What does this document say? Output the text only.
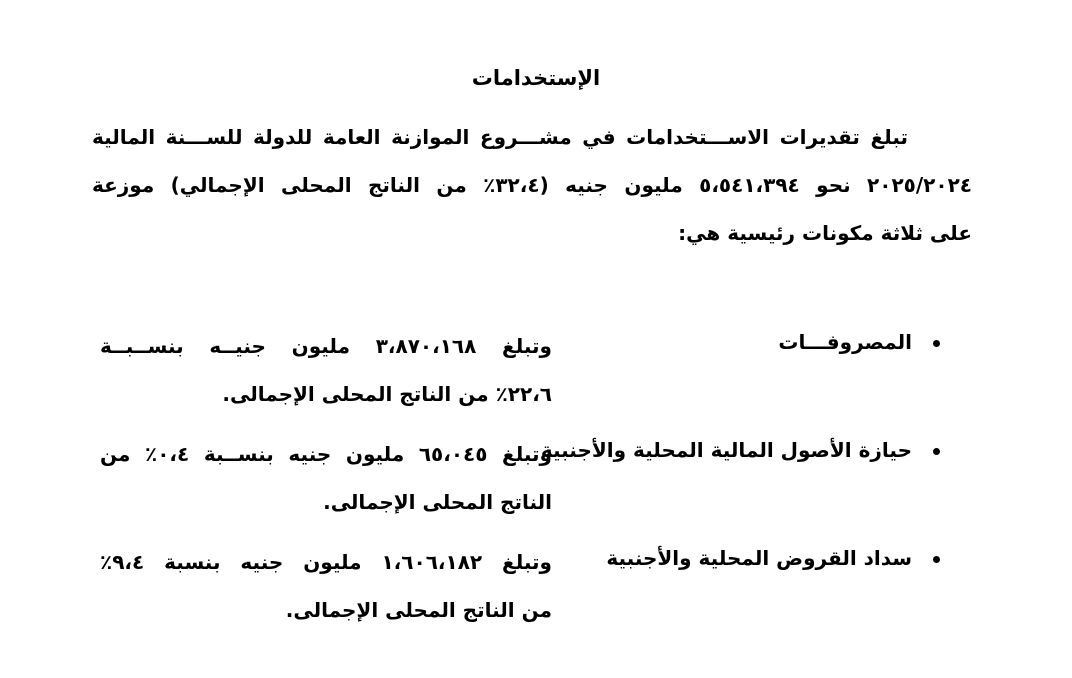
الإستخدامات
تبلغ تقديرات الاســـتخدامات في مشـــروع الموازنة العامة للدولة للســـنة المالية
٢٠٢٥/٢٠٢٤ نحو ٥،٥٤١،٣٩٤ مليون جنيه (٣٢،٤٪ من الناتج المحلى الإجمالي) موزعة
على ثلاثة مكونات رئيسية هي:
المصروفـــات
وتبلغ ٣،٨٧٠،١٦٨ مليون جنيــه بنســبــة
٢٢،٦٪ من الناتج المحلى الإجمالى.
حيازة الأصول المالية المحلية والأجنبية
وتبلغ ٦٥،٠٤٥ مليون جنيه بنســبة ٠،٤٪ من
الناتج المحلى الإجمالى.
سداد القروض المحلية والأجنبية
وتبلغ ١،٦٠٦،١٨٢ مليون جنيه بنسبة ٩،٤٪
من الناتج المحلى الإجمالى.
